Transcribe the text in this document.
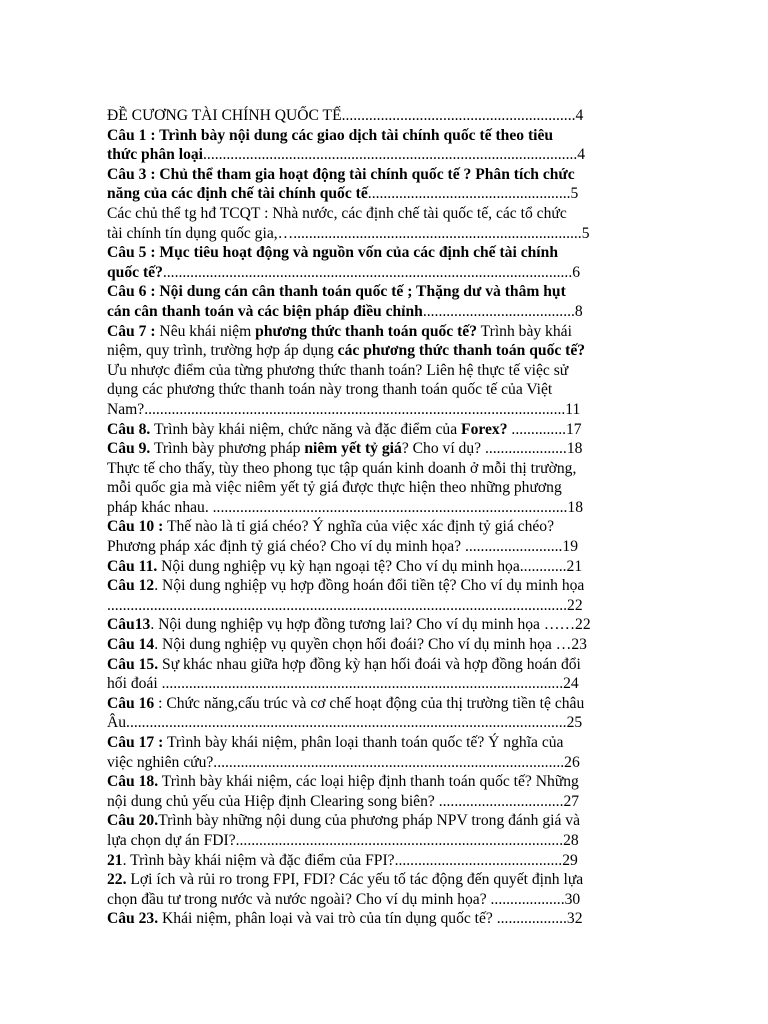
ĐỀ CƯƠNG TÀI CHÍNH QUỐC TẾ............................................................4
Câu 1 : Trình bày nội dung các giao dịch tài chính quốc tế theo tiêu
thức phân loại................................................................................................4
Câu 3 : Chủ thể tham gia hoạt động tài chính quốc tế ? Phân tích chức
năng của các định chế tài chính quốc tế....................................................5
Các chủ thể tg hđ TCQT : Nhà nước, các định chế tài quốc tế, các tổ chức
tài chính tín dụng quốc gia,…..........................................................................5
Câu 5 : Mục tiêu hoạt động và nguồn vốn của các định chế tài chính
quốc tế?.........................................................................................................6
Câu 6 : Nội dung cán cân thanh toán quốc tế ; Thặng dư và thâm hụt
cán cân thanh toán và các biện pháp điều chỉnh.......................................8
Câu 7 : Nêu khái niệm phương thức thanh toán quốc tế? Trình bày khái
niệm, quy trình, trường hợp áp dụng các phương thức thanh toán quốc tế?
Ưu nhược điểm của từng phương thức thanh toán? Liên hệ thực tế việc sử
dụng các phương thức thanh toán này trong thanh toán quốc tế của Việt
Nam?............................................................................................................11
Câu 8. Trình bày khái niệm, chức năng và đặc điểm của Forex? ..............17
Câu 9. Trình bày phương pháp niêm yết tỷ giá? Cho ví dụ? .....................18
Thực tế cho thấy, tùy theo phong tục tập quán kinh doanh ở mỗi thị trường,
mỗi quốc gia mà việc niêm yết tỷ giá được thực hiện theo những phương
pháp khác nhau. ...........................................................................................18
Câu 10 : Thế nào là tỉ giá chéo? Ý nghĩa của việc xác định tỷ giá chéo?
Phương pháp xác định tỷ giá chéo? Cho ví dụ minh họa? .........................19
Câu 11. Nội dung nghiệp vụ kỳ hạn ngoại tệ? Cho ví dụ minh họa............21
Câu 12. Nội dung nghiệp vụ hợp đồng hoán đổi tiền tệ? Cho ví dụ minh họa
......................................................................................................................22
Câu13. Nội dung nghiệp vụ hợp đồng tương lai? Cho ví dụ minh họa ……22
Câu 14. Nội dung nghiệp vụ quyền chọn hối đoái? Cho ví dụ minh họa …23
Câu 15. Sự khác nhau giữa hợp đồng kỳ hạn hối đoái và hợp đồng hoán đổi
hối đoái .......................................................................................................24
Câu 16 : Chức năng,cấu trúc và cơ chế hoạt động của thị trường tiền tệ châu
Âu.................................................................................................................25
Câu 17 : Trình bày khái niệm, phân loại thanh toán quốc tế? Ý nghĩa của
việc nghiên cứu?..........................................................................................26
Câu 18. Trình bày khái niệm, các loại hiệp định thanh toán quốc tế? Những
nội dung chủ yếu của Hiệp định Clearing song biên? ................................27
Câu 20.Trình bày những nội dung của phương pháp NPV trong đánh giá và
lựa chọn dự án FDI?....................................................................................28
21. Trình bày khái niệm và đặc điểm của FPI?...........................................29
22. Lợi ích và rủi ro trong FPI, FDI? Các yếu tố tác động đến quyết định lựa
chọn đầu tư trong nước và nước ngoài? Cho ví dụ minh họa? ...................30
Câu 23. Khái niệm, phân loại và vai trò của tín dụng quốc tế? ..................32
